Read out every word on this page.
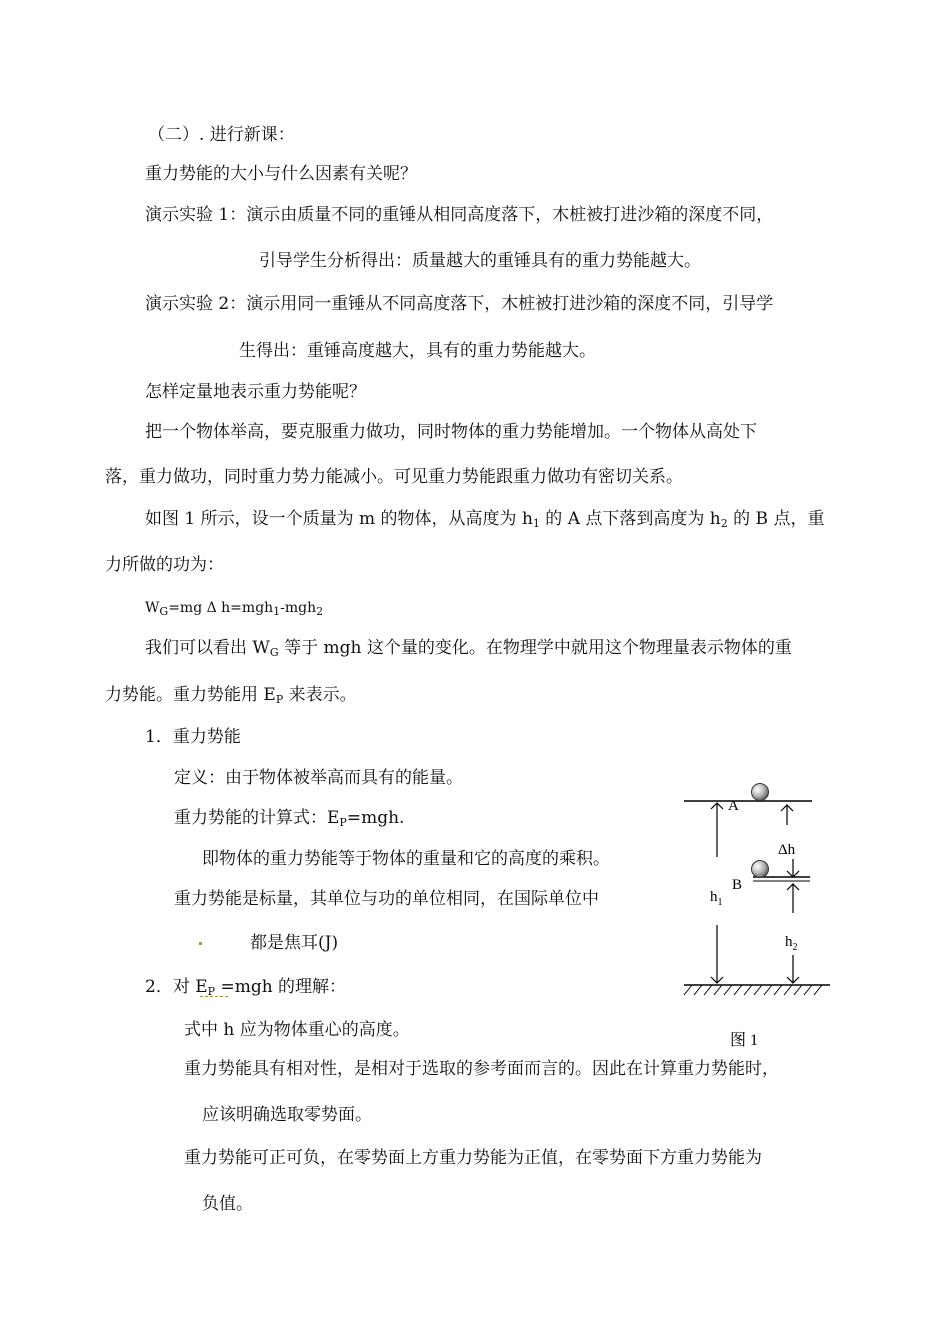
（二）. 进行新课：
重力势能的大小与什么因素有关呢？
演示实验 1：演示由质量不同的重锤从相同高度落下，木桩被打进沙箱的深度不同，
引导学生分析得出：质量越大的重锤具有的重力势能越大。
演示实验 2：演示用同一重锤从不同高度落下，木桩被打进沙箱的深度不同，引导学
生得出：重锤高度越大，具有的重力势能越大。
怎样定量地表示重力势能呢？
把一个物体举高，要克服重力做功，同时物体的重力势能增加。一个物体从高处下
落，重力做功，同时重力势力能减小。可见重力势能跟重力做功有密切关系。
如图 1 所示，设一个质量为 m 的物体，从高度为 $h_1$ 的 A 点下落到高度为 $h_2$ 的 B 点，重
力所做的功为：
$W_G=mg$ Δ h=mgh$_1$-mgh$_2$
我们可以看出 $W_G$ 等于 mgh 这个量的变化。在物理学中就用这个物理量表示物体的重
力势能。重力势能用 $E_P$ 来表示。
1．重力势能
定义：由于物体被举高而具有的能量。
重力势能的计算式：$E_P=mgh$.
即物体的重力势能等于物体的重量和它的高度的乘积。
重力势能是标量，其单位与功的单位相同，在国际单位中
都是焦耳(J)
2．对 $E_P =mgh$ 的理解：
式中 h 应为物体重心的高度。
重力势能具有相对性，是相对于选取的参考面而言的。因此在计算重力势能时，
应该明确选取零势面。
重力势能可正可负，在零势面上方重力势能为正值，在零势面下方重力势能为
负值。
A
B
Δh
$h_1$
$h_2$
图 1
